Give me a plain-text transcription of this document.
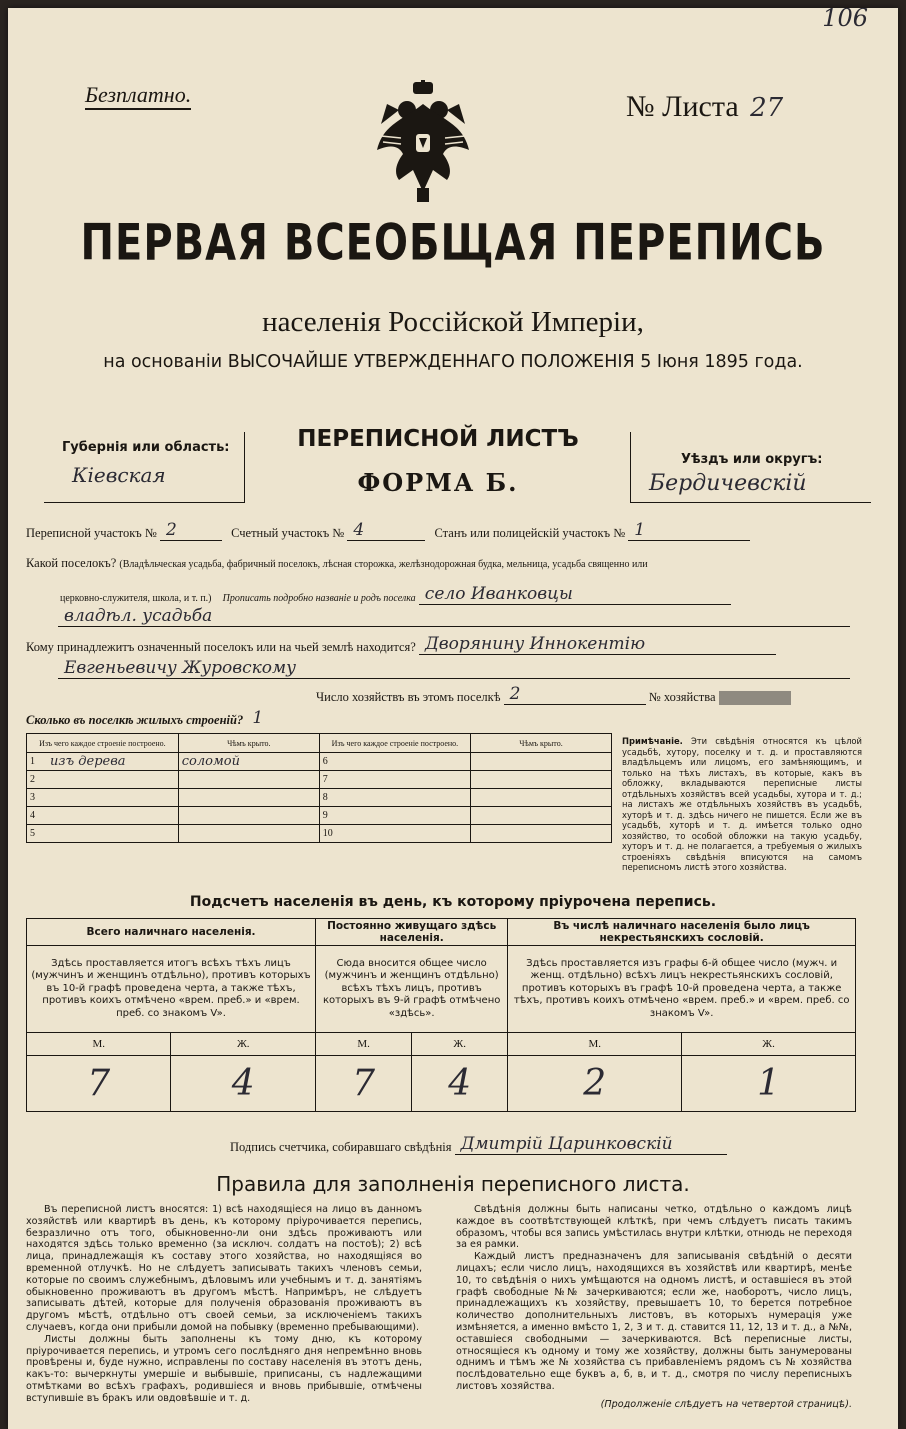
106
Безплатно.	№ Листа 27
ПЕРВАЯ ВСЕОБЩАЯ ПЕРЕПИСЬ
населенія Россійской Имперіи,
на основаніи ВЫСОЧАЙШЕ УТВЕРЖДЕННАГО ПОЛОЖЕНІЯ 5 Іюня 1895 года.
Губернія или область:
Кіевская
ПЕРЕПИСНОЙ ЛИСТЪ
ФОРМА Б.
Уѣздъ или округъ:
Бердичевскій
Переписной участокъ № 2	Счетный участокъ № 4	Станъ или полицейскій участокъ № 1
Какой поселокъ? (Владѣльческая усадьба, фабричный поселокъ, лѣсная сторожка, желѣзнодорожная будка, мельница, усадьба священно или
церковно-служителя, школа, и т. п.) Прописать подробно названіе и родъ поселка село Иванковцы
владѣл. усадьба
Кому принадлежитъ означенный поселокъ или на чьей землѣ находится? Дворянину Иннокентію
Евгеньевичу Журовскому
Число хозяйствъ въ этомъ поселкѣ 2	№ хозяйства
Сколько въ поселкѣ жилыхъ строеній? 1
Изъ чего каждое строеніе построено.		Чѣмъ крыто.	Изъ чего каждое строеніе построено.		Чѣмъ крыто.
1	изъ дерева	соломой	6		
2			7		
3			8		
4			9		
5			10		
Примѣчаніе. Эти свѣдѣнія относятся къ цѣлой усадьбѣ, хутору, поселку и т. д. и проставляются владѣльцемъ или лицомъ, его замѣняющимъ, и только на тѣхъ листахъ, въ которые, какъ въ обложку, вкладываются переписные листы отдѣльныхъ хозяйствъ всей усадьбы, хутора и т. д.; на листахъ же отдѣльныхъ хозяйствъ въ усадьбѣ, хуторѣ и т. д. здѣсь ничего не пишется. Если же въ усадьбѣ, хуторѣ и т. д. имѣется только одно хозяйство, то особой обложки на такую усадьбу, хуторъ и т. д. не полагается, а требуемыя о жилыхъ строеніяхъ свѣдѣнія вписуются на самомъ переписномъ листѣ этого хозяйства.
Подсчетъ населенія въ день, къ которому пріурочена перепись.
Всего наличнаго населенія.		Постоянно живущаго здѣсь населенія.		Въ числѣ наличнаго населенія было лицъ некрестьянскихъ сословій.	
Здѣсь проставляется итогъ всѣхъ тѣхъ лицъ (мужчинъ и женщинъ отдѣльно), противъ которыхъ въ 10-й графѣ проведена черта, а также тѣхъ, противъ коихъ отмѣчено «врем. преб.» и «врем. преб. со знакомъ V».		Сюда вносится общее число (мужчинъ и женщинъ отдѣльно) всѣхъ тѣхъ лицъ, противъ которыхъ въ 9-й графѣ отмѣчено «здѣсь».		Здѣсь проставляется изъ графы 6-й общее число (мужч. и женщ. отдѣльно) всѣхъ лицъ некрестьянскихъ сословій, противъ которыхъ въ графѣ 10-й проведена черта, а также тѣхъ, противъ коихъ отмѣчено «врем. преб.» и «врем. преб. со знакомъ V».	
М.	Ж.	М.	Ж.	М.	Ж.
7	4	7	4	2	1
Подпись счетчика, собиравшаго свѣдѣнія Дмитрій Царинковскій
Правила для заполненія переписного листа.

Въ переписной листъ вносятся: 1) всѣ находящіеся на лицо въ данномъ хозяйствѣ или квартирѣ въ день, къ которому пріурочивается перепись, безразлично отъ того, обыкновенно-ли они здѣсь проживаютъ или находятся здѣсь только временно (за исключ. солдатъ на постоѣ); 2) всѣ лица, принадлежащія къ составу этого хозяйства, но находящіяся во временной отлучкѣ. Но не слѣдуетъ записывать такихъ членовъ семьи, которые по своимъ служебнымъ, дѣловымъ или учебнымъ и т. д. занятіямъ обыкновенно проживаютъ въ другомъ мѣстѣ. Напримѣръ, не слѣдуетъ записывать дѣтей, которые для полученія образованія проживаютъ въ другомъ мѣстѣ, отдѣльно отъ своей семьи, за исключеніемъ такихъ случаевъ, когда они прибыли домой на побывку (временно пребывающими).

Листы должны быть заполнены къ тому дню, къ которому пріурочивается перепись, и утромъ сего послѣдняго дня непремѣнно вновь провѣрены и, буде нужно, исправлены по составу населенія въ этотъ день, какъ-то: вычеркнуты умершіе и выбывшіе, приписаны, съ надлежащими отмѣтками во всѣхъ графахъ, родившіеся и вновь прибывшіе, отмѣчены вступившіе въ бракъ или овдовѣвшіе и т. д.

Свѣдѣнія должны быть написаны четко, отдѣльно о каждомъ лицѣ каждое въ соотвѣтствующей клѣткѣ, при чемъ слѣдуетъ писать такимъ образомъ, чтобы вся запись умѣстилась внутри клѣтки, отнюдь не переходя за ея рамки.

Каждый листъ предназначенъ для записыванія свѣдѣній о десяти лицахъ; если число лицъ, находящихся въ хозяйствѣ или квартирѣ, менѣе 10, то свѣдѣнія о нихъ умѣщаются на одномъ листѣ, и оставшіеся въ этой графѣ свободные №№ зачеркиваются; если же, наоборотъ, число лицъ, принадлежащихъ къ хозяйству, превышаетъ 10, то берется потребное количество дополнительныхъ листовъ, въ которыхъ нумерація уже измѣняется, а именно вмѣсто 1, 2, 3 и т. д. ставится 11, 12, 13 и т. д., а №№, оставшіеся свободными — зачеркиваются. Всѣ переписные листы, относящіеся къ одному и тому же хозяйству, должны быть занумерованы однимъ и тѣмъ же № хозяйства съ прибавленіемъ рядомъ съ № хозяйства послѣдовательно еще буквъ а, б, в, и т. д., смотря по числу переписныхъ листовъ хозяйства.

(Продолженіе слѣдуетъ на четвертой страницѣ).
